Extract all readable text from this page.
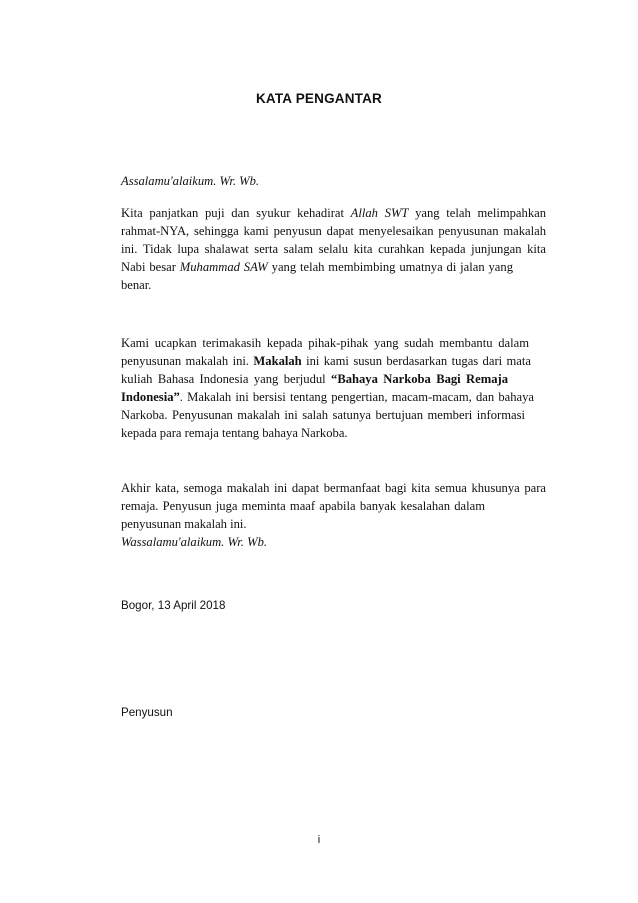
KATA PENGANTAR
Assalamu'alaikum. Wr. Wb.
Kita panjatkan puji dan syukur kehadirat Allah SWT yang telah melimpahkan
rahmat-NYA, sehingga kami penyusun dapat menyelesaikan penyusunan makalah
ini. Tidak lupa shalawat serta salam selalu kita curahkan kepada junjungan kita
Nabi besar Muhammad SAW yang telah membimbing umatnya di jalan yang
benar.
Kami ucapkan terimakasih kepada pihak-pihak yang sudah membantu dalam
penyusunan makalah ini. Makalah ini kami susun berdasarkan tugas dari mata
kuliah Bahasa Indonesia yang berjudul “Bahaya Narkoba Bagi Remaja
Indonesia”. Makalah ini bersisi tentang pengertian, macam-macam, dan bahaya
Narkoba. Penyusunan makalah ini salah satunya bertujuan memberi informasi
kepada para remaja tentang bahaya Narkoba.
Akhir kata, semoga makalah ini dapat bermanfaat bagi kita semua khusunya para
remaja. Penyusun juga meminta maaf apabila banyak kesalahan dalam
penyusunan makalah ini.
Wassalamu'alaikum. Wr. Wb.
Bogor, 13 April 2018
Penyusun
i
